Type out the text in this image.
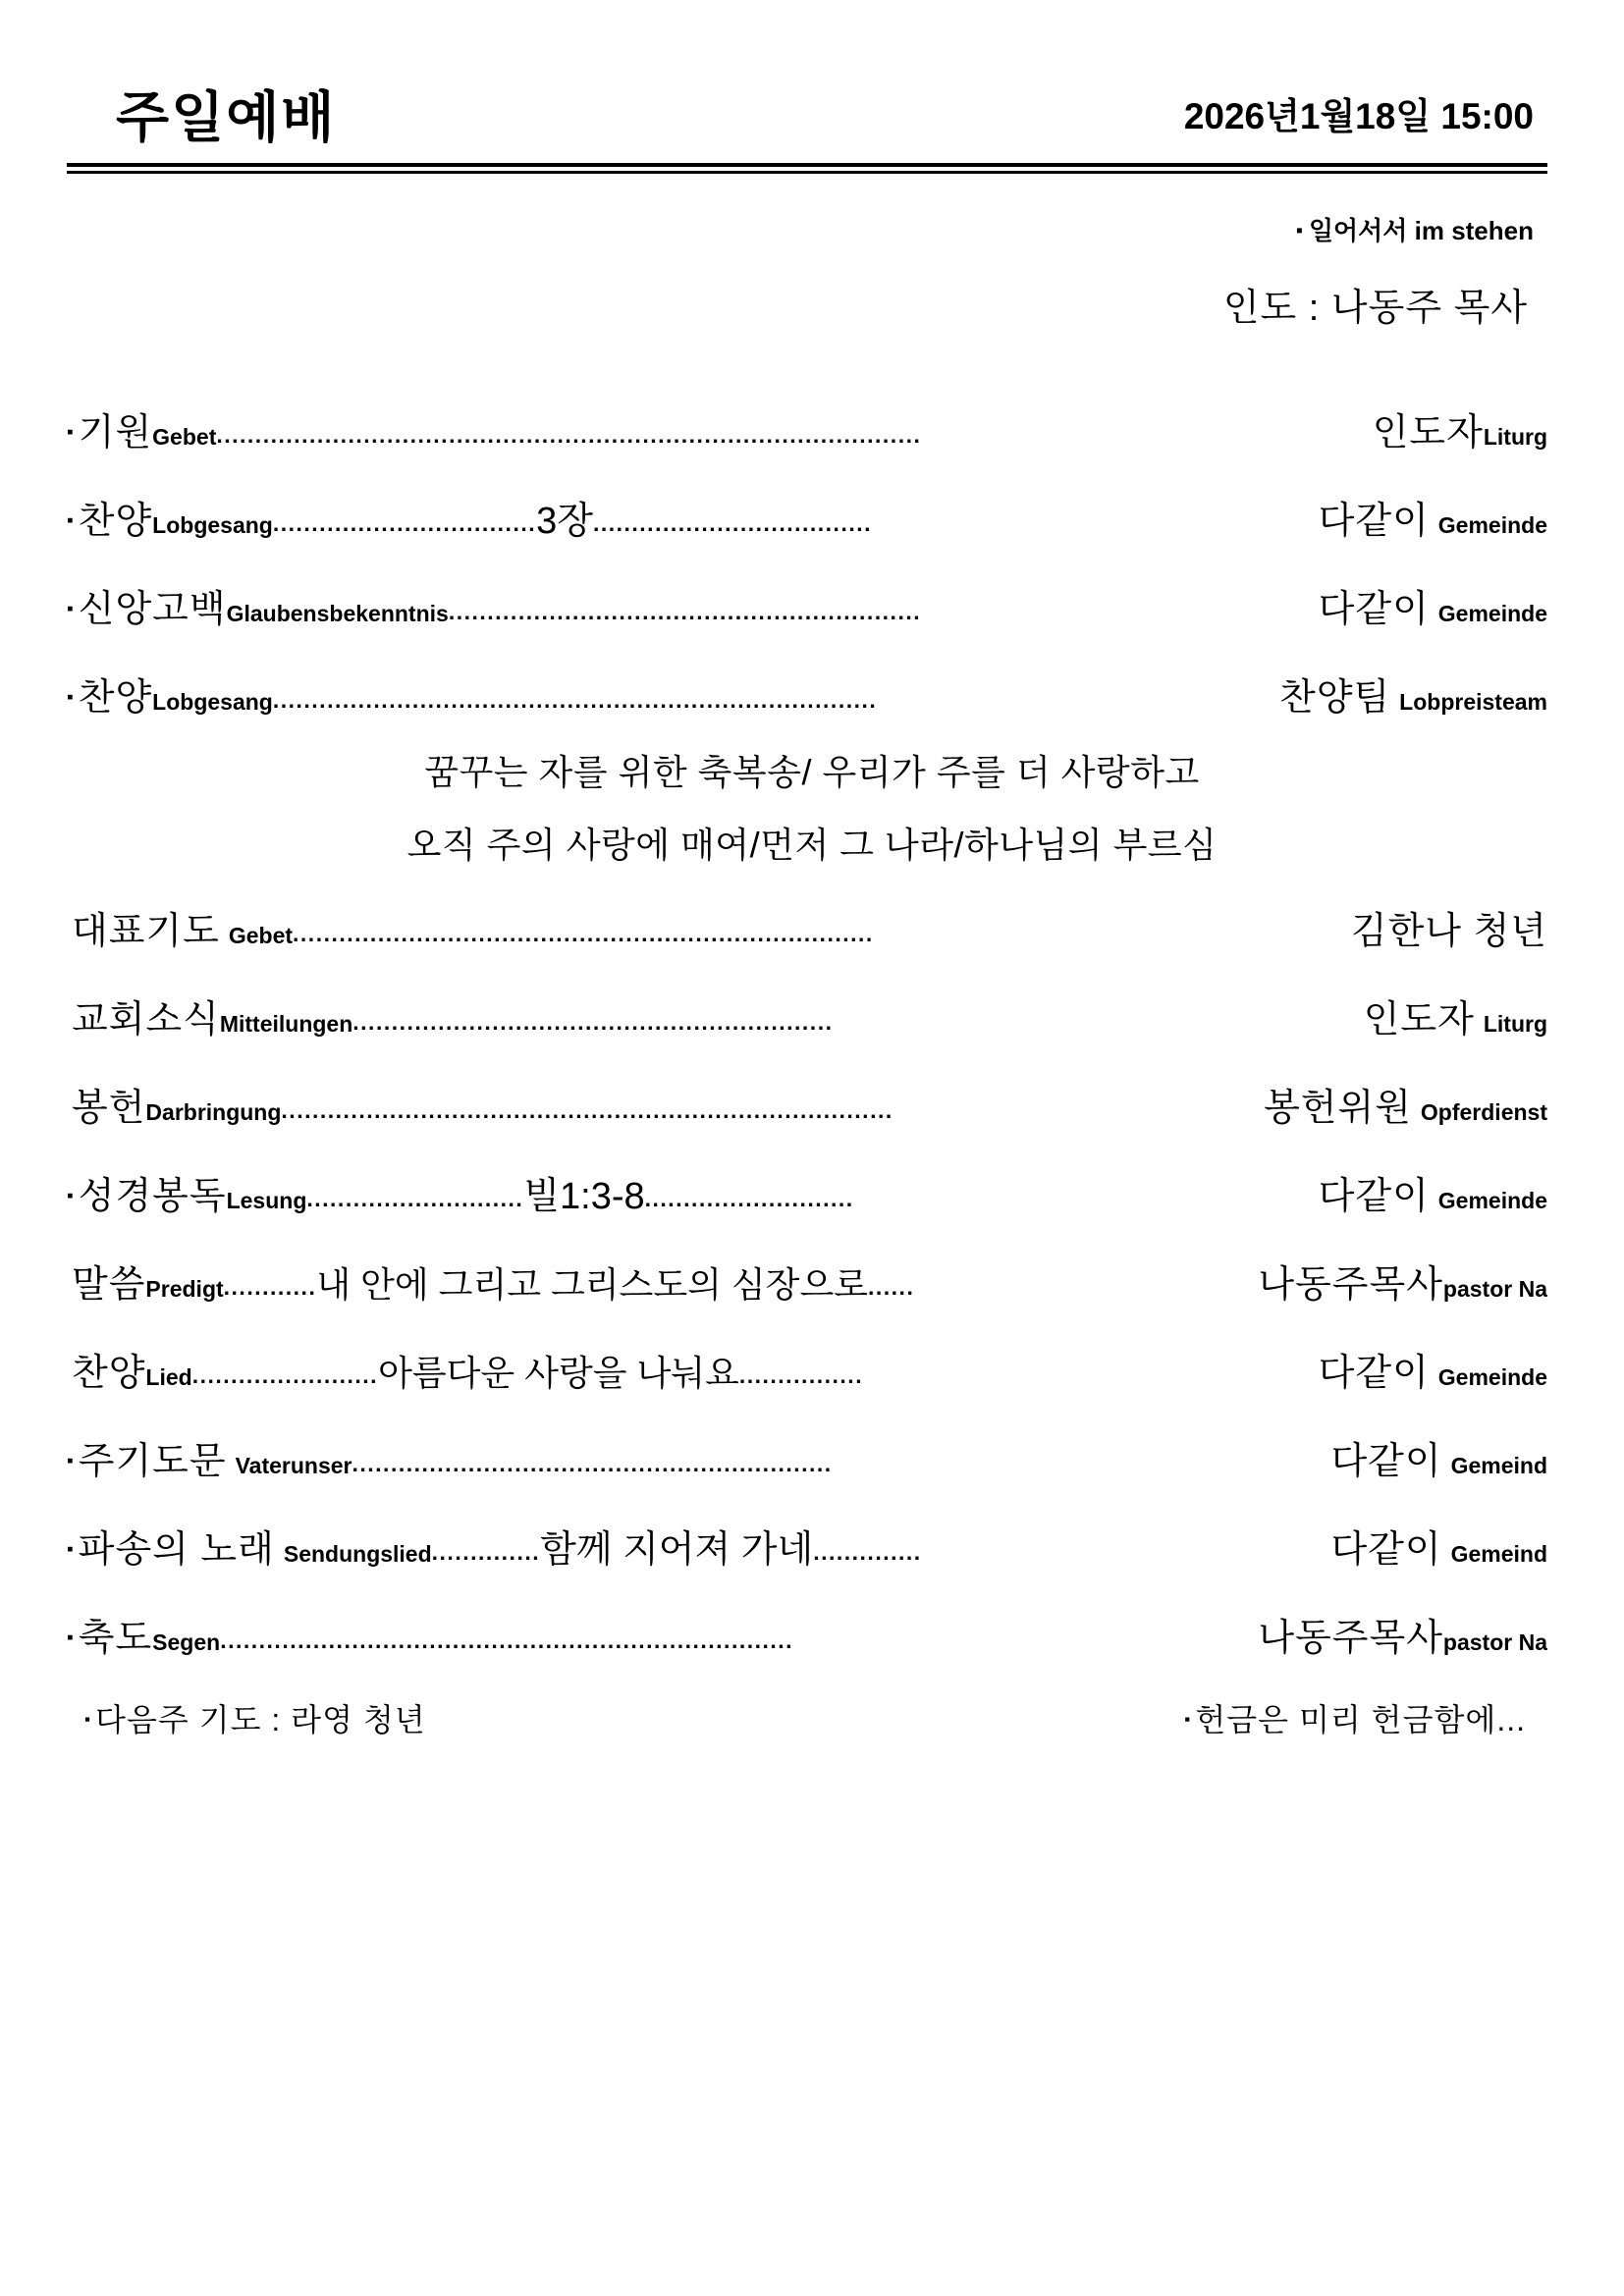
주일예배	2026년1월18일 15:00
▪ 일어서서 im stehen
인도 : 나동주 목사
▪ 기원 Gebet ...........................................................................................	인도자 Liturg
▪ 찬양 Lobgesang .................................. 3장 ....................................	다같이 Gemeinde
▪ 신앙고백 Glaubensbekenntnis .............................................................	다같이 Gemeinde
▪ 찬양 Lobgesang ..............................................................................	찬양팀 Lobpreisteam
꿈꾸는 자를 위한 축복송/ 우리가 주를 더 사랑하고
오직 주의 사랑에 매여/먼저 그 나라/하나님의 부르심
대표기도 Gebet ...........................................................................	김한나 청년
교회소식 Mitteilungen ..............................................................	인도자 Liturg
봉헌 Darbringung ...............................................................................	봉헌위원 Opferdienst
▪ 성경봉독 Lesung ............................ 빌1:3-8 ...........................	다같이 Gemeinde
말씀 Predigt ............ 내 안에 그리고 그리스도의 심장으로 ......	나동주목사 pastor Na
찬양 Lied ........................ 아름다운 사랑을 나눠요 ................	다같이 Gemeinde
▪ 주기도문 Vaterunser ..............................................................	다같이 Gemeind
▪ 파송의 노래 Sendungslied .............. 함께 지어져 가네 ..............	다같이 Gemeind
▪ 축도 Segen ..........................................................................	나동주목사 pastor Na
▪ 다음주 기도 : 라영 청년	▪ 헌금은 미리 헌금함에...
